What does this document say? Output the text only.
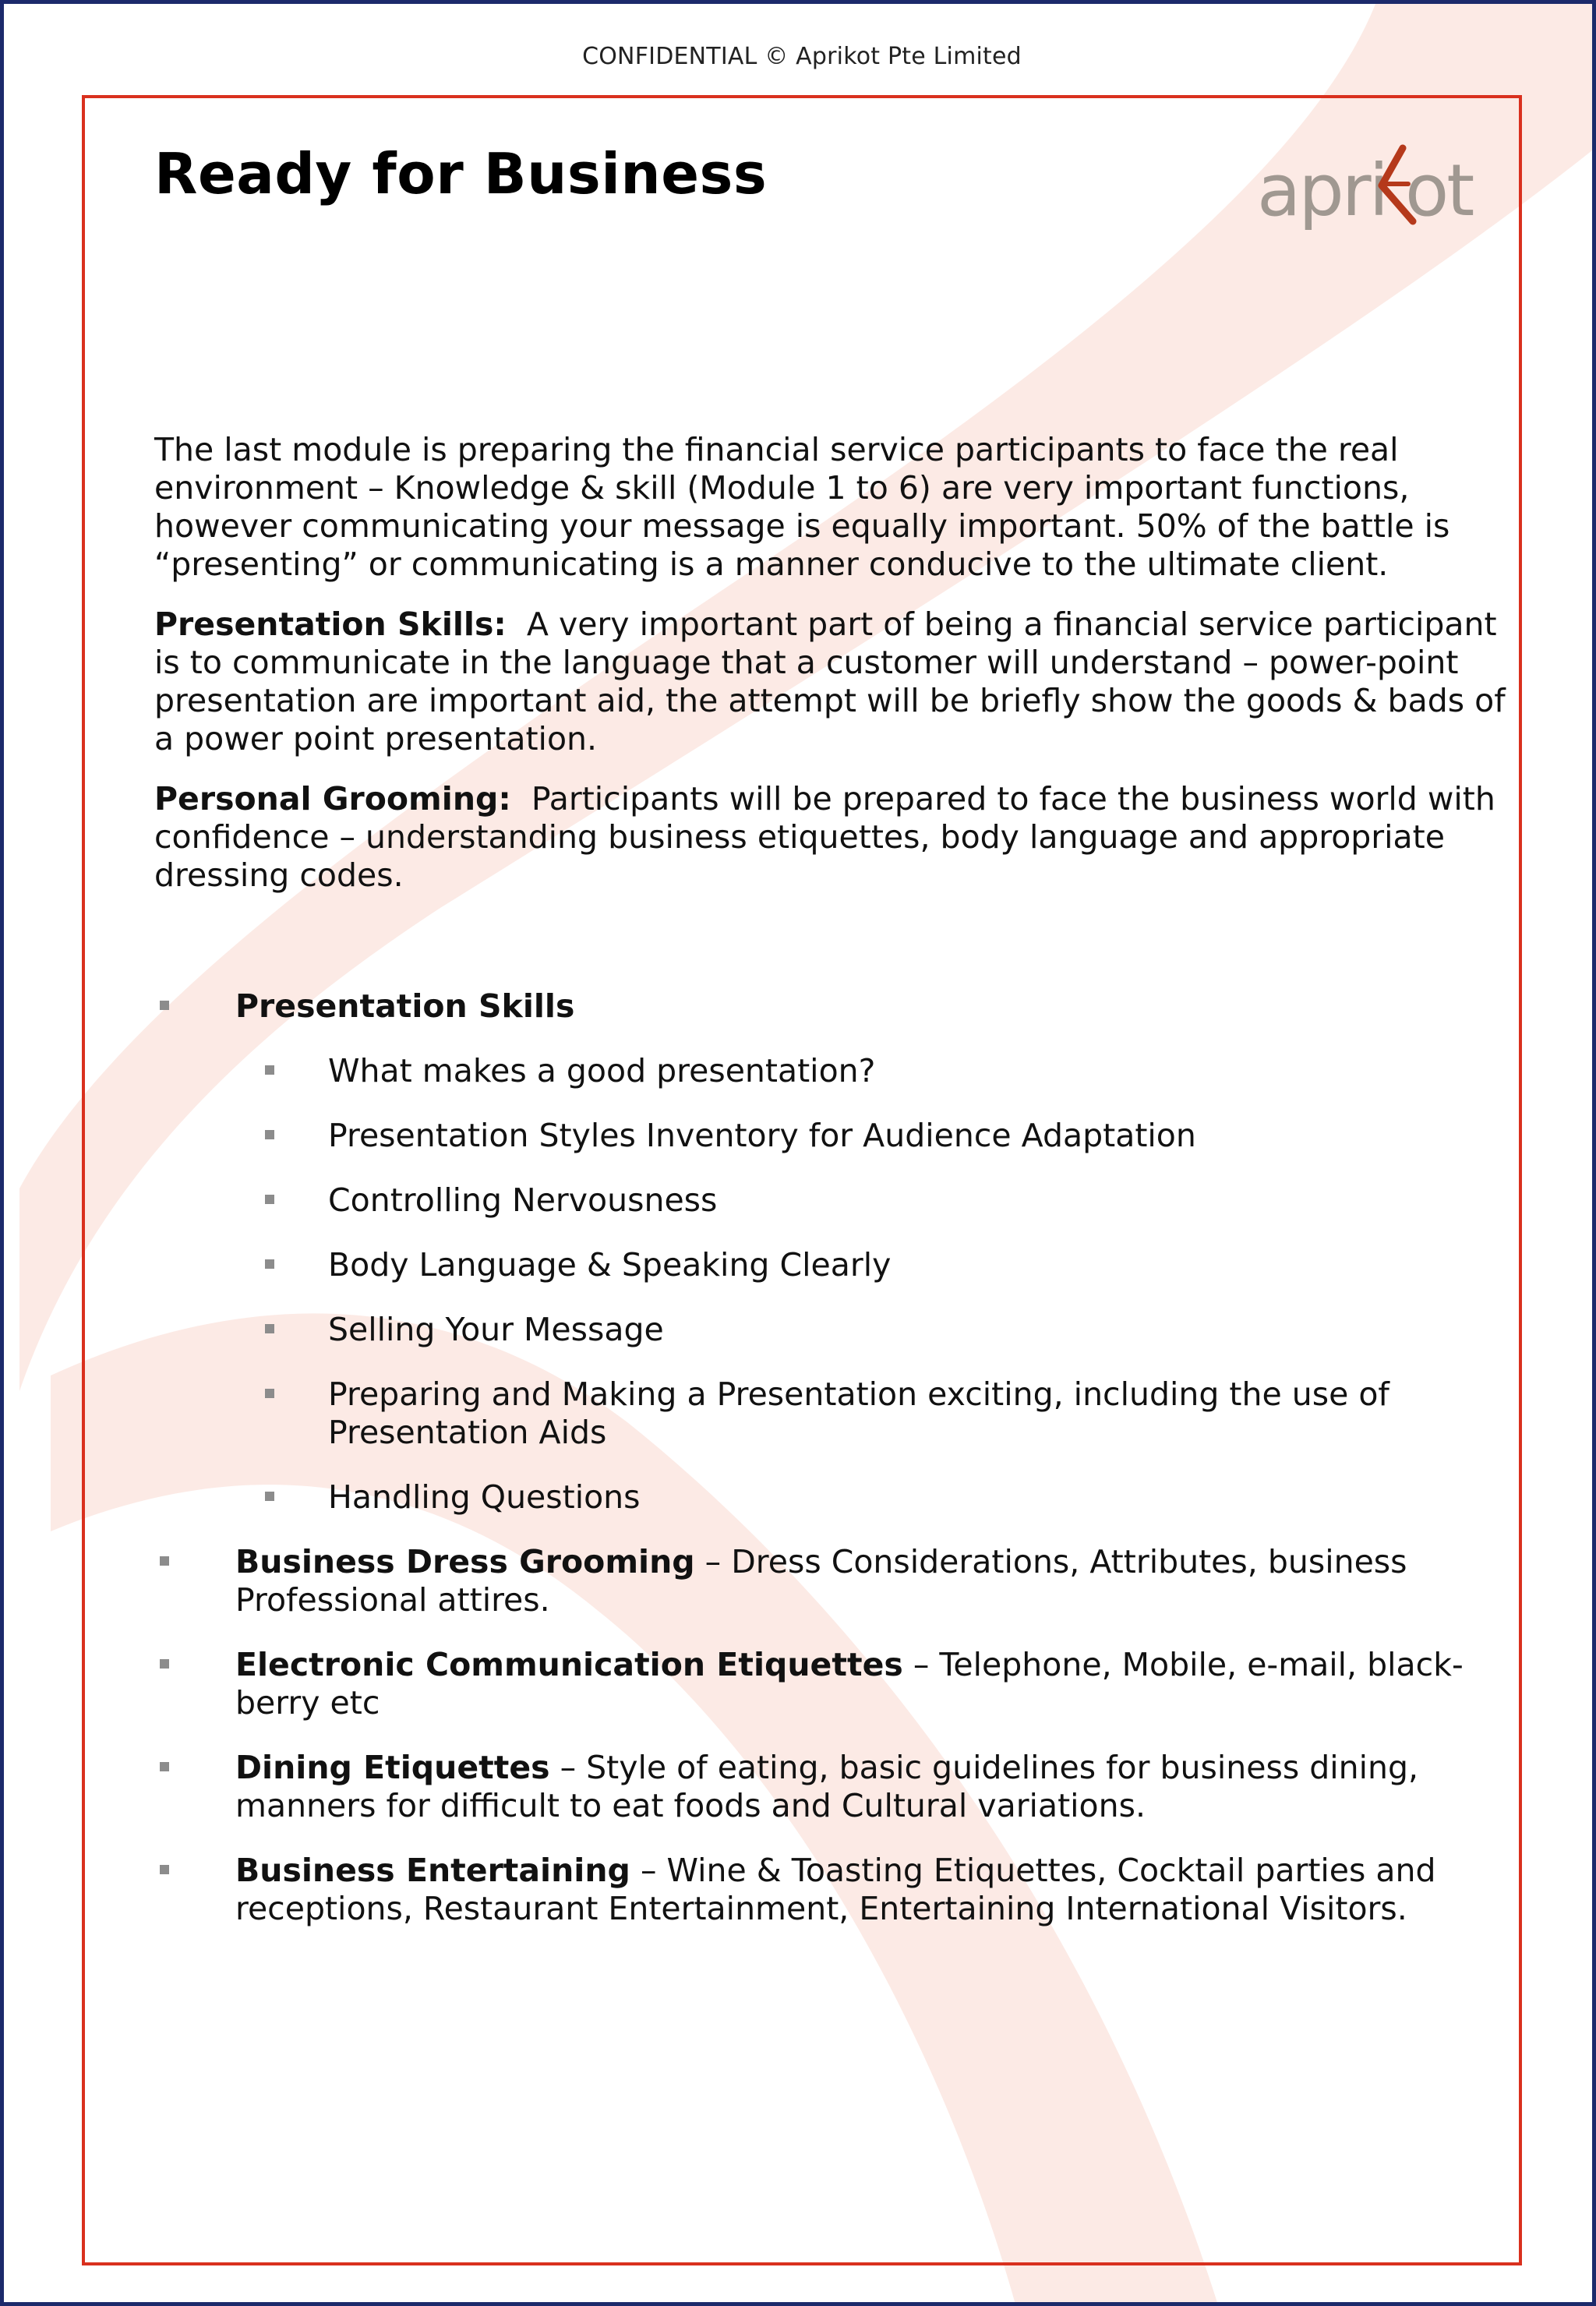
CONFIDENTIAL © Aprikot Pte Limited
Ready for Business	apri ot

The last module is preparing the financial service participants to face the real environment – Knowledge & skill (Module 1 to 6) are very important functions, however communicating your message is equally important. 50% of the battle is “presenting” or communicating is a manner conducive to the ultimate client.

Presentation Skills: A very important part of being a financial service participant is to communicate in the language that a customer will understand – power-point presentation are important aid, the attempt will be briefly show the goods & bads of a power point presentation.

Personal Grooming: Participants will be prepared to face the business world with confidence – understanding business etiquettes, body language and appropriate dressing codes.

Presentation Skills
What makes a good presentation?
Presentation Styles Inventory for Audience Adaptation
Controlling Nervousness
Body Language & Speaking Clearly
Selling Your Message
Preparing and Making a Presentation exciting, including the use of Presentation Aids
Handling Questions
Business Dress Grooming – Dress Considerations, Attributes, business Professional attires.
Electronic Communication Etiquettes – Telephone, Mobile, e-mail, black-berry etc
Dining Etiquettes – Style of eating, basic guidelines for business dining, manners for difficult to eat foods and Cultural variations.
Business Entertaining – Wine & Toasting Etiquettes, Cocktail parties and receptions, Restaurant Entertainment, Entertaining International Visitors.
